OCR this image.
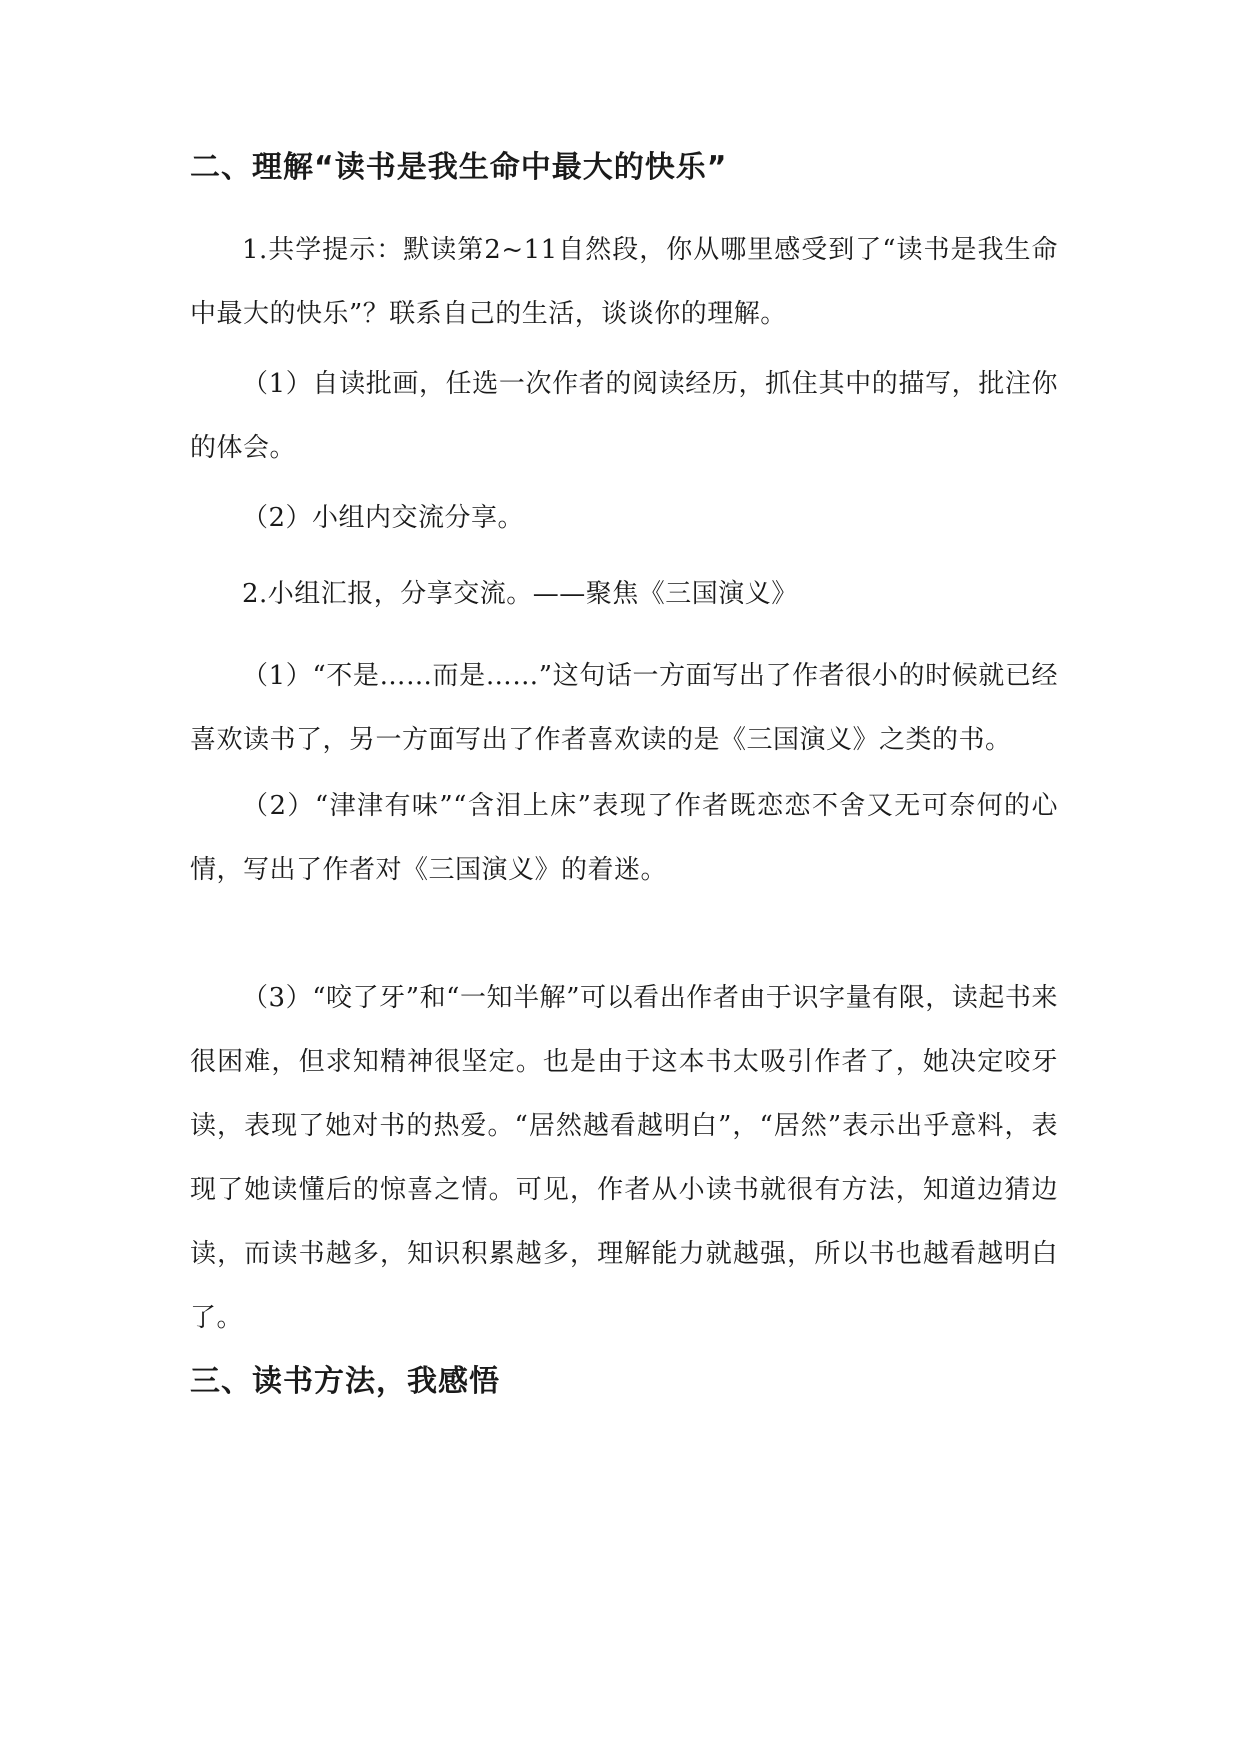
二、理解“读书是我生命中最大的快乐”

1.共学提示：默读第2~11自然段，你从哪里感受到了“读书是我生命中最大的快乐”？联系自己的生活，谈谈你的理解。

（1）自读批画，任选一次作者的阅读经历，抓住其中的描写，批注你的体会。

（2）小组内交流分享。

2.小组汇报，分享交流。——聚焦《三国演义》

（1）“不是……而是……”这句话一方面写出了作者很小的时候就已经喜欢读书了，另一方面写出了作者喜欢读的是《三国演义》之类的书。

（2）“津津有味”“含泪上床”表现了作者既恋恋不舍又无可奈何的心情，写出了作者对《三国演义》的着迷。

（3）“咬了牙”和“一知半解”可以看出作者由于识字量有限，读起书来很困难，但求知精神很坚定。也是由于这本书太吸引作者了，她决定咬牙读，表现了她对书的热爱。“居然越看越明白”，“居然”表示出乎意料，表现了她读懂后的惊喜之情。可见，作者从小读书就很有方法，知道边猜边读，而读书越多，知识积累越多，理解能力就越强，所以书也越看越明白了。

三、读书方法，我感悟
